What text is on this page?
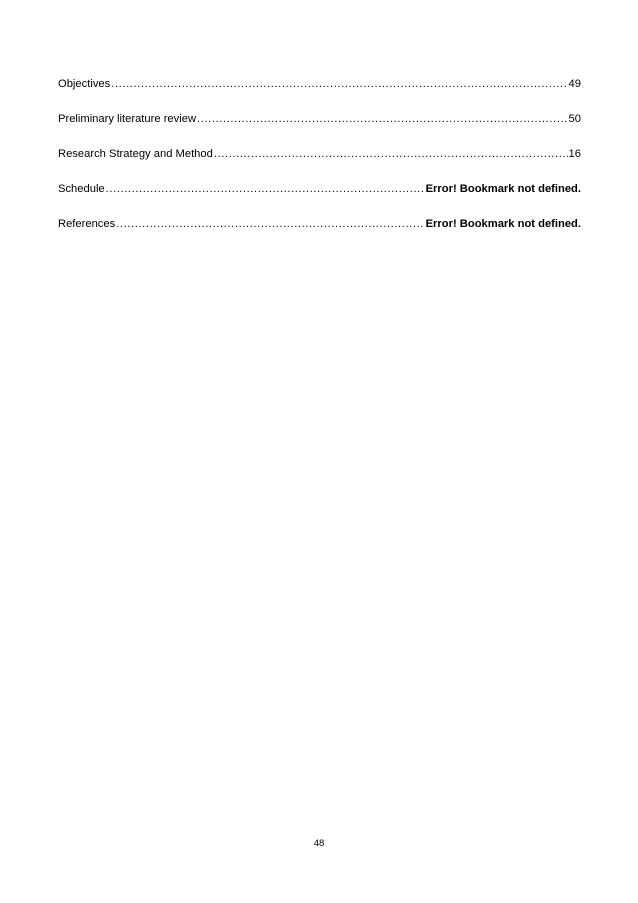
Objectives .....	49
Preliminary literature review .....	50
Research Strategy and Method .....	16
Schedule .....	Error! Bookmark not defined.
References .....	Error! Bookmark not defined.
48
